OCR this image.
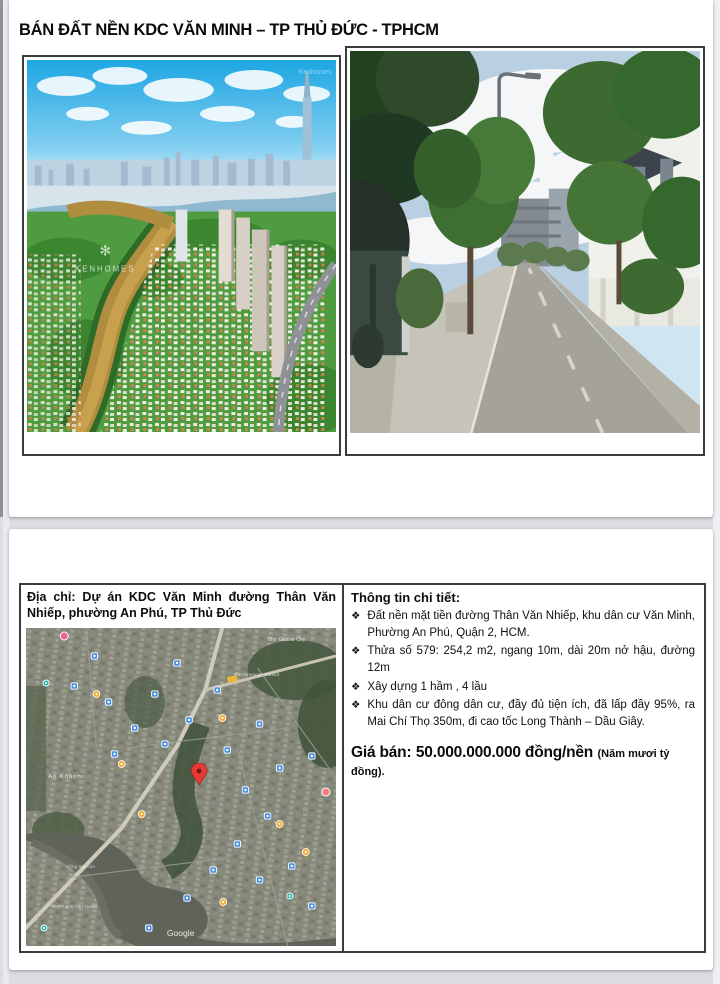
BÁN ĐẤT NỀN KDC VĂN MINH – TP THỦ ĐỨC - TPHCM
✻
KENHOMES
Kenhomes
Địa chỉ: Dự án KDC Văn Minh đường Thân Văn Nhiếp, phường An Phú, TP Thủ Đức
The Global City
The American School
An Khánh
Sông Sài Gòn
VNPT ICD Tân Thuận
Google
Thông tin chi tiết:
❖ Đất nền mặt tiền đường Thân Văn Nhiếp, khu dân cư Văn Minh, Phường An Phú, Quận 2, HCM.
❖ Thửa số 579: 254,2 m2, ngang 10m, dài 20m nở hậu, đường 12m
❖ Xây dựng 1 hầm , 4 lầu
❖ Khu dân cư đông dân cư, đầy đủ tiện ích, đã lấp đầy 95%, ra Mai Chí Thọ 350m, đi cao tốc Long Thành – Dầu Giây.
Giá bán: 50.000.000.000 đồng/nền (Năm mươi tỷ đồng).
